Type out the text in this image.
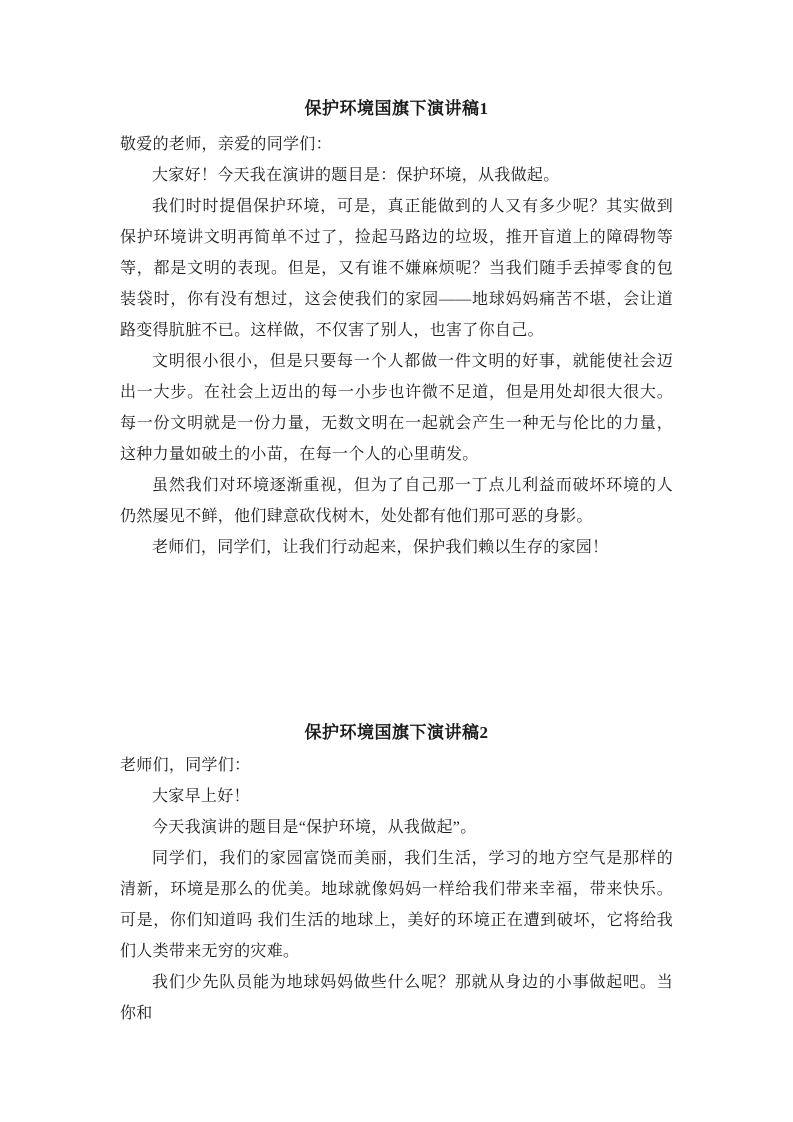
保护环境国旗下演讲稿1

敬爱的老师，亲爱的同学们：

大家好！今天我在演讲的题目是：保护环境，从我做起。

我们时时提倡保护环境，可是，真正能做到的人又有多少呢？其实做到保护环境讲文明再简单不过了，捡起马路边的垃圾，推开盲道上的障碍物等等，都是文明的表现。但是，又有谁不嫌麻烦呢？当我们随手丢掉零食的包装袋时，你有没有想过，这会使我们的家园——地球妈妈痛苦不堪，会让道路变得肮脏不已。这样做，不仅害了别人，也害了你自己。

文明很小很小，但是只要每一个人都做一件文明的好事，就能使社会迈出一大步。在社会上迈出的每一小步也许微不足道，但是用处却很大很大。每一份文明就是一份力量，无数文明在一起就会产生一种无与伦比的力量，这种力量如破土的小苗，在每一个人的心里萌发。

虽然我们对环境逐渐重视，但为了自己那一丁点儿利益而破坏环境的人仍然屡见不鲜，他们肆意砍伐树木，处处都有他们那可恶的身影。

老师们，同学们，让我们行动起来，保护我们赖以生存的家园！

保护环境国旗下演讲稿2

老师们，同学们：

大家早上好！

今天我演讲的题目是“保护环境，从我做起”。

同学们，我们的家园富饶而美丽，我们生活，学习的地方空气是那样的清新，环境是那么的优美。地球就像妈妈一样给我们带来幸福，带来快乐。可是，你们知道吗 我们生活的地球上，美好的环境正在遭到破坏，它将给我们人类带来无穷的灾难。

我们少先队员能为地球妈妈做些什么呢？那就从身边的小事做起吧。当你和
